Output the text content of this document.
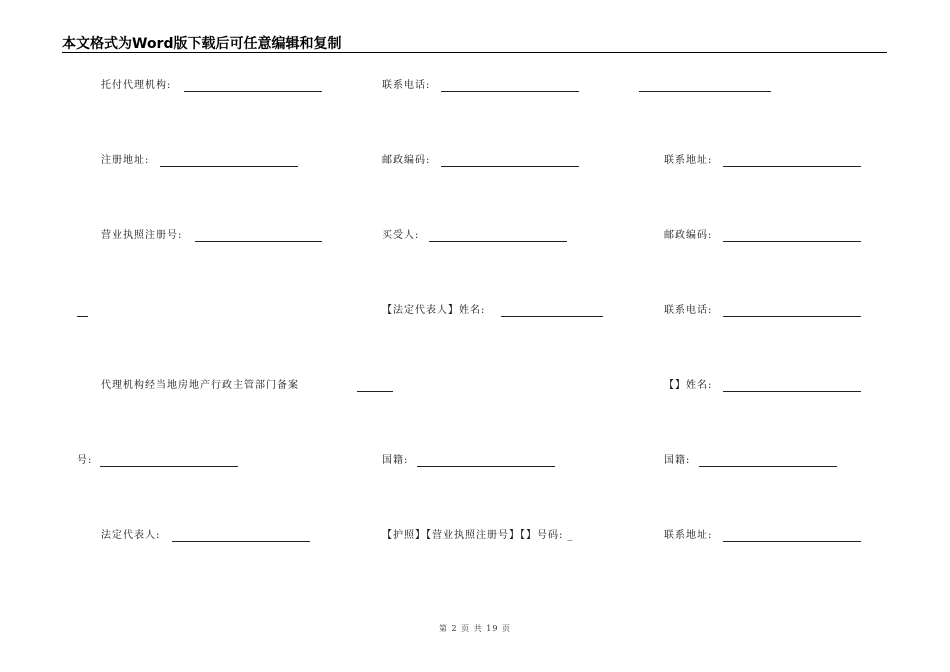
本文格式为Word版下载后可任意编辑和复制
托付代理机构:	联系电话:
注册地址:	邮政编码:	联系地址:
营业执照注册号:	买受人:	邮政编码:
【法定代表人】姓名:	联系电话:
代理机构经当地房地产行政主管部门备案	【】姓名:
号:	国籍:	国籍:
法定代表人:	【护照】【营业执照注册号】【】号码: _	联系地址:
第 2 页 共 19 页
